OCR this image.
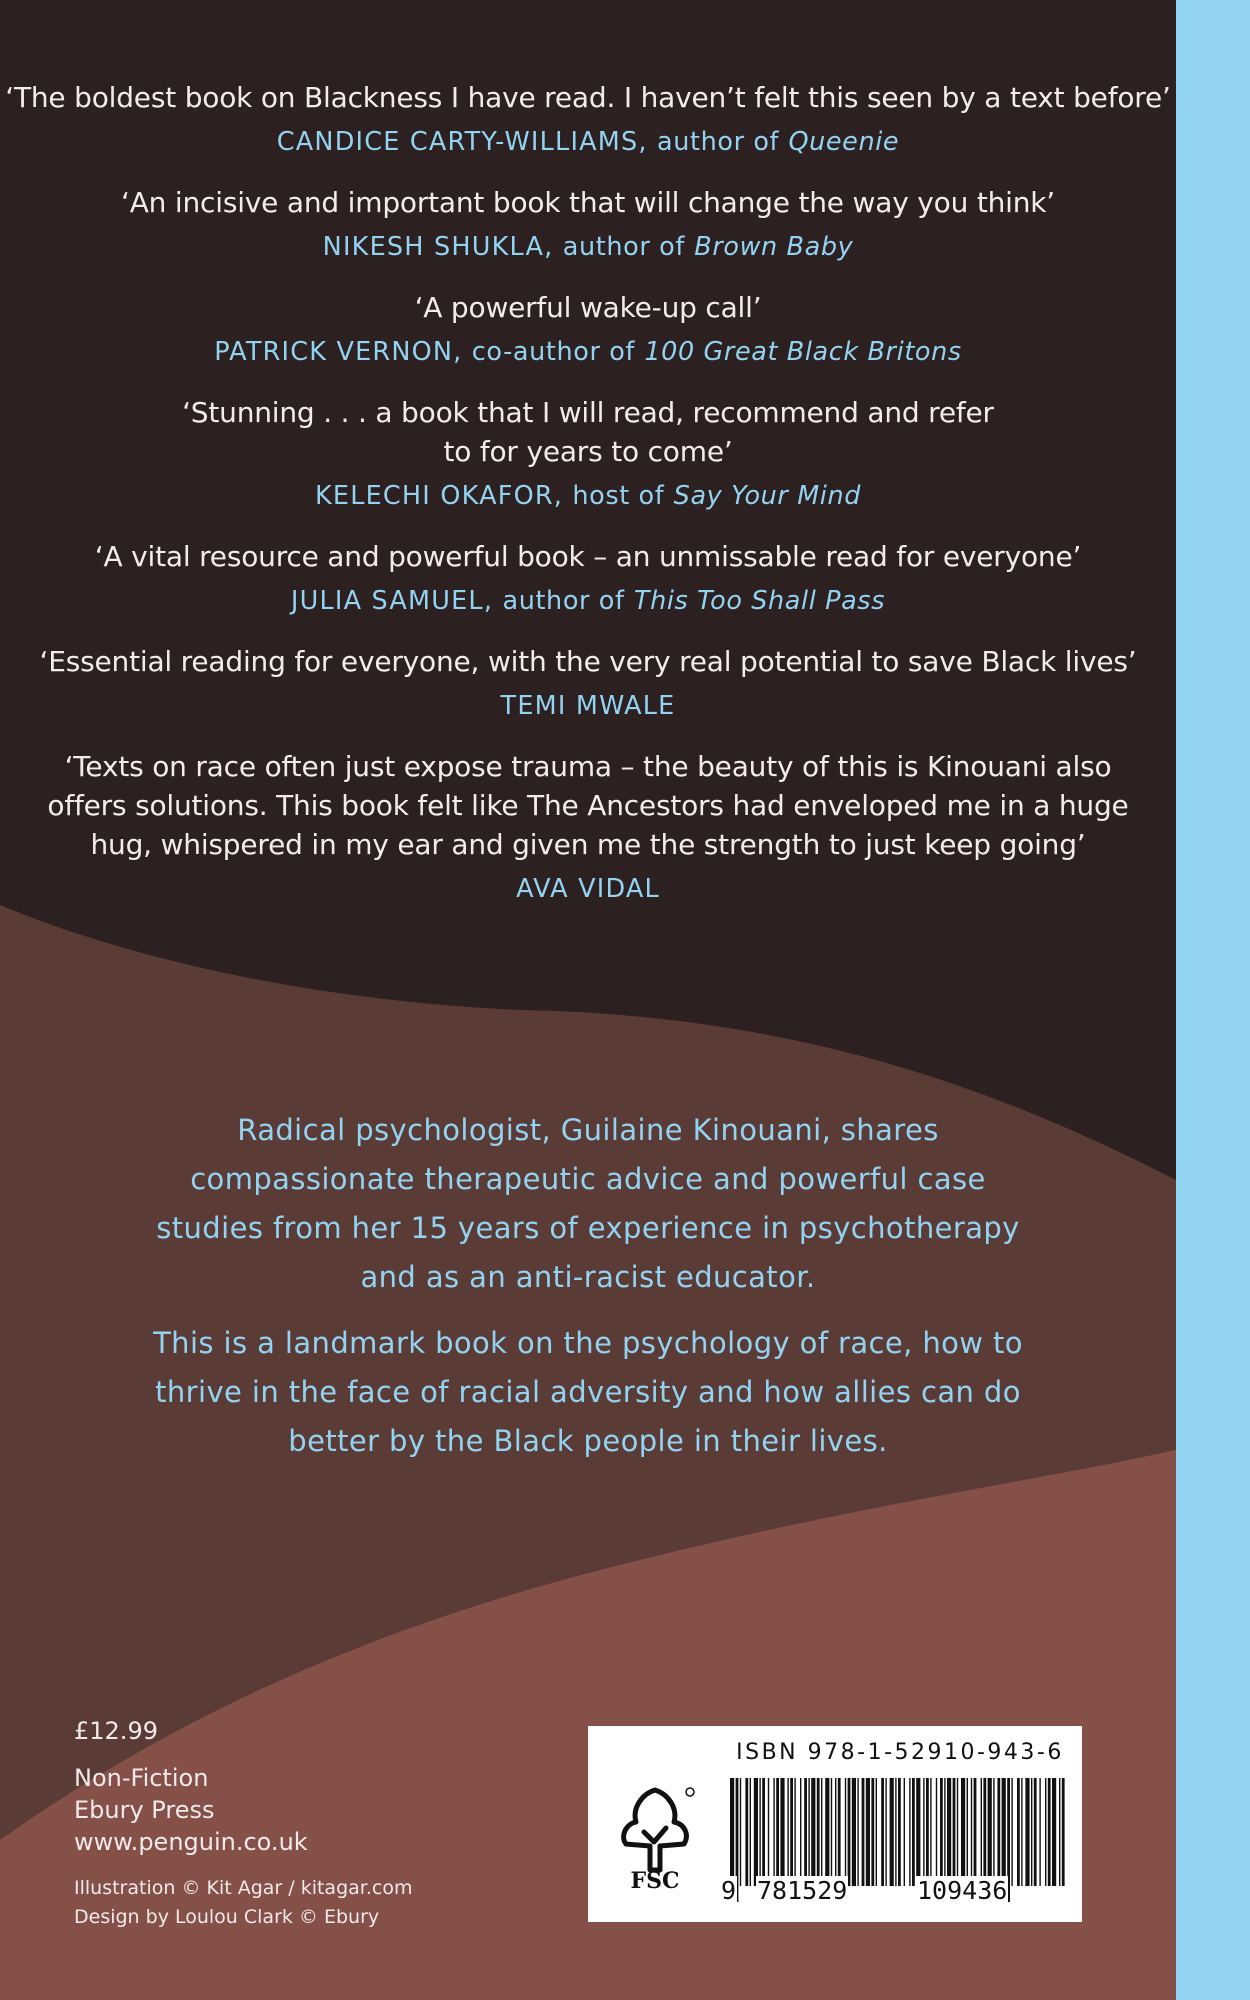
‘The boldest book on Blackness I have read. I haven’t felt this seen by a text before’
CANDICE CARTY-WILLIAMS, author of Queenie
‘An incisive and important book that will change the way you think’
NIKESH SHUKLA, author of Brown Baby
‘A powerful wake-up call’
PATRICK VERNON, co-author of 100 Great Black Britons
‘Stunning . . . a book that I will read, recommend and refer
to for years to come’
KELECHI OKAFOR, host of Say Your Mind
‘A vital resource and powerful book – an unmissable read for everyone’
JULIA SAMUEL, author of This Too Shall Pass
‘Essential reading for everyone, with the very real potential to save Black lives’
TEMI MWALE
‘Texts on race often just expose trauma – the beauty of this is Kinouani also
offers solutions. This book felt like The Ancestors had enveloped me in a huge
hug, whispered in my ear and given me the strength to just keep going’
AVA VIDAL

Radical psychologist, Guilaine Kinouani, shares

compassionate therapeutic advice and powerful case

studies from her 15 years of experience in psychotherapy

and as an anti-racist educator.

This is a landmark book on the psychology of race, how to

thrive in the face of racial adversity and how allies can do

better by the Black people in their lives.

£12.99
Non-Fiction
Ebury Press
www.penguin.co.uk
Illustration © Kit Agar / kitagar.com
Design by Loulou Clark © Ebury
ISBN 978-1-52910-943-6
FSC	9 781529	109436
